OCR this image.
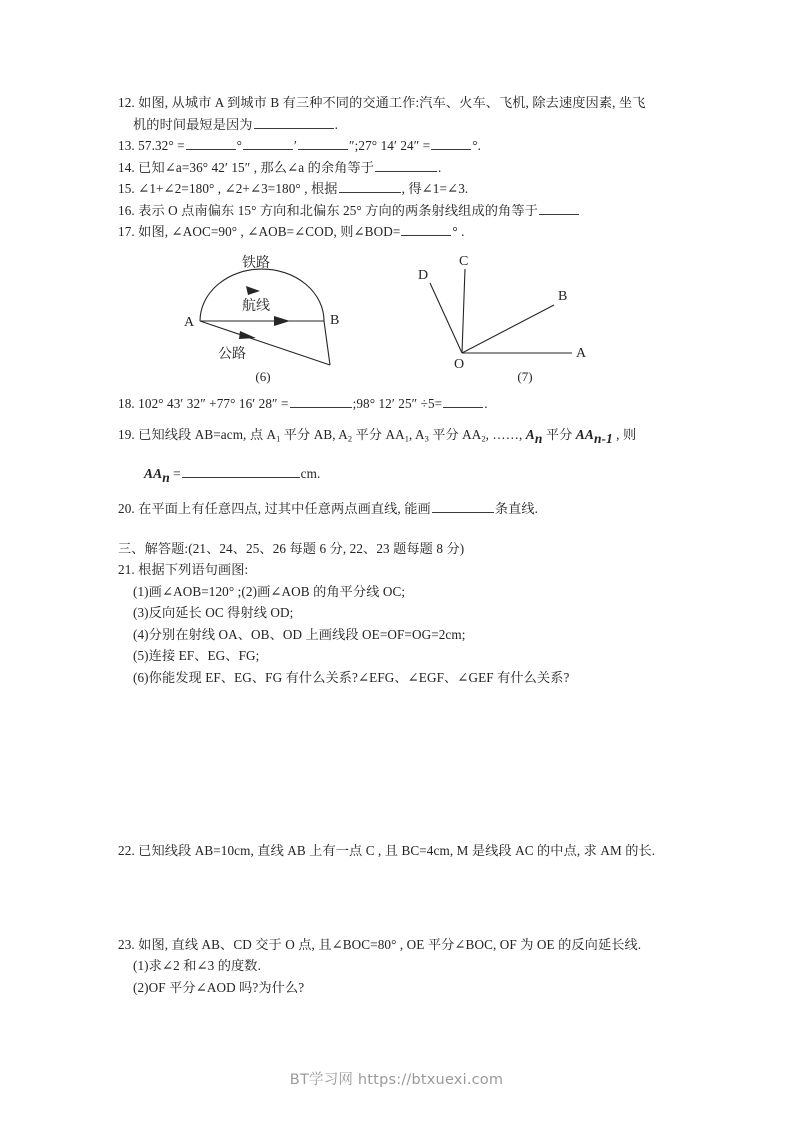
12. 如图, 从城市 A 到城市 B 有三种不同的交通工作:汽车、火车、飞机, 除去速度因素, 坐飞
机的时间最短是因为	.
13. 57.32° =	°	′	″;27° 14′ 24″ =	°.
14. 已知∠a=36° 42′ 15″ , 那么∠a 的余角等于	.
15. ∠1+∠2=180° , ∠2+∠3=180° , 根据	, 得∠1=∠3.
16. 表示 O 点南偏东 15° 方向和北偏东 25° 方向的两条射线组成的角等于
17. 如图, ∠AOC=90° , ∠AOB=∠COD, 则∠BOD=	° .
A	B
铁路
航线
公路
(6)
O
A
B
C
D
(7)
18. 102° 43′ 32″ +77° 16′ 28″ =	;98° 12′ 25″ ÷5=	.
19. 已知线段 AB=acm, 点 $A_1$ 平分 AB, $A_2$ 平分 $AA_1$, $A_3$ 平分 $AA_2$, ……, $A_n$ 平分 $AA_{n-1}$ , 则
$AA_n$ =	cm.
20. 在平面上有任意四点, 过其中任意两点画直线, 能画	条直线.
三、解答题:(21、24、25、26 每题 6 分, 22、23 题每题 8 分)
21. 根据下列语句画图:
(1)画∠AOB=120° ;(2)画∠AOB 的角平分线 OC;
(3)反向延长 OC 得射线 OD;
(4)分别在射线 OA、OB、OD 上画线段 OE=OF=OG=2cm;
(5)连接 EF、EG、FG;
(6)你能发现 EF、EG、FG 有什么关系?∠EFG、∠EGF、∠GEF 有什么关系?
22. 已知线段 AB=10cm, 直线 AB 上有一点 C , 且 BC=4cm, M 是线段 AC 的中点, 求 AM 的长.
23. 如图, 直线 AB、CD 交于 O 点, 且∠BOC=80° , OE 平分∠BOC, OF 为 OE 的反向延长线.
(1)求∠2 和∠3 的度数.
(2)OF 平分∠AOD 吗?为什么?
BT学习网 https://btxuexi.com
